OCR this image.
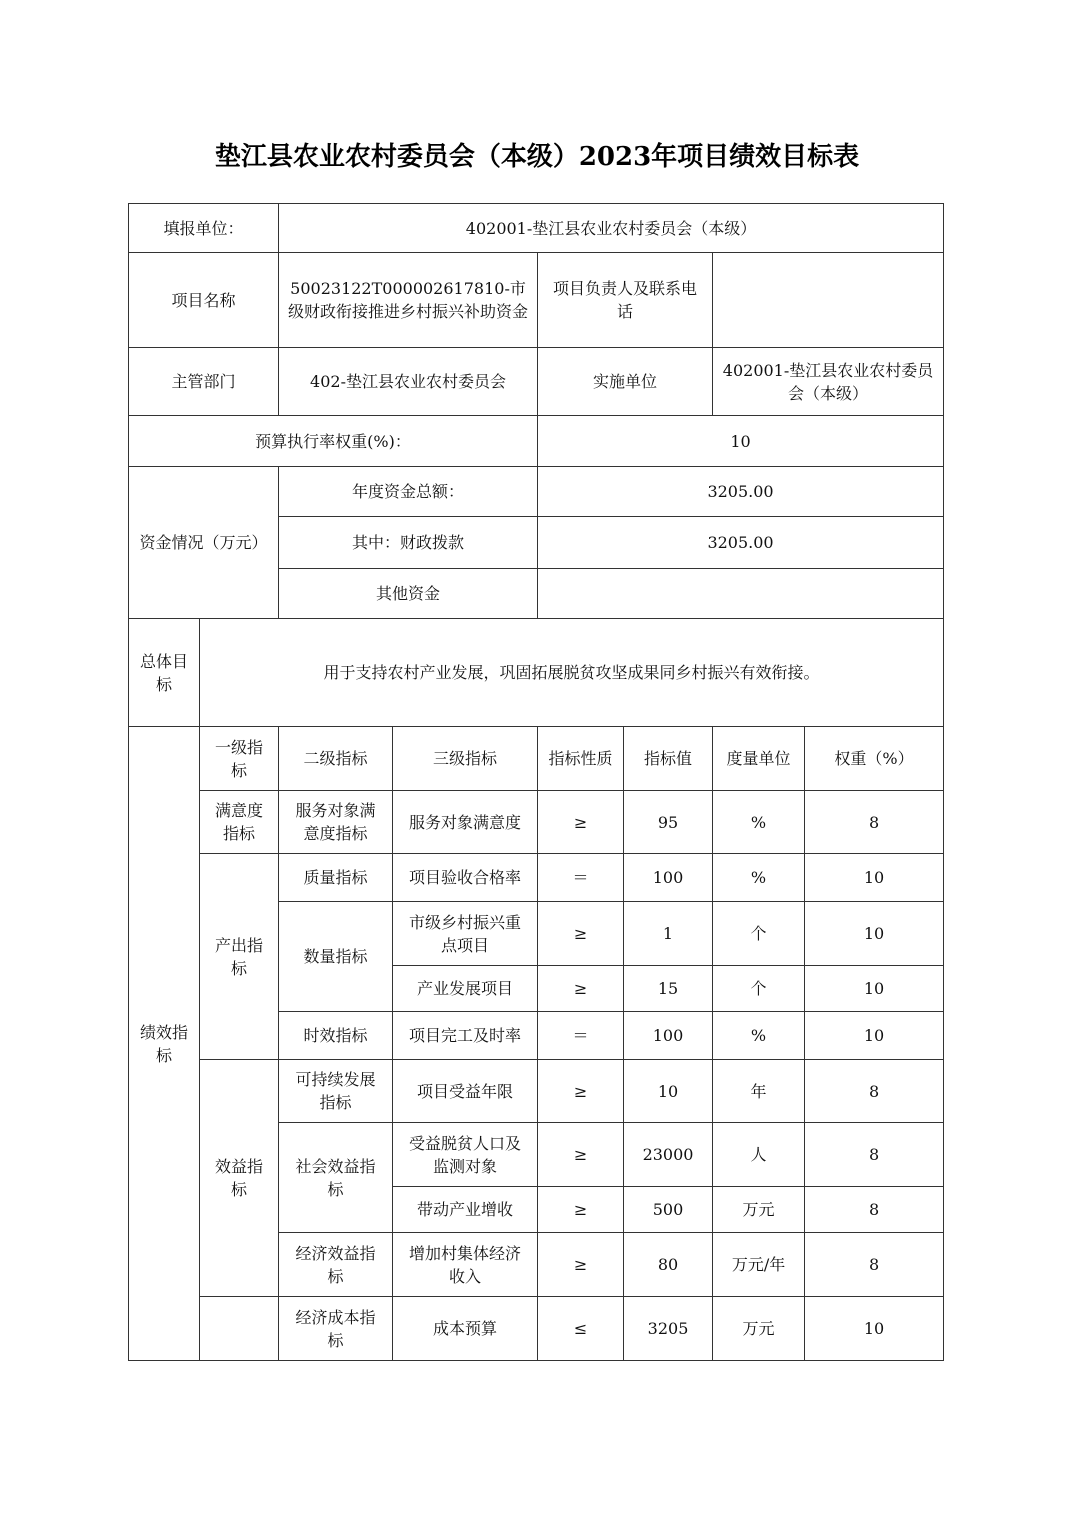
垫江县农业农村委员会（本级）2023年项目绩效目标表
填报单位：		402001-垫江县农业农村委员会（本级）					
项目名称		50023122T000002617810-市级财政衔接推进乡村振兴补助资金		项目负责人及联系电话			
主管部门		402-垫江县农业农村委员会		实施单位		402001-垫江县农业农村委员会（本级）	
预算执行率权重(%)：				10			
资金情况（万元）		年度资金总额：		3205.00			
		其中：财政拨款		3205.00			
		其他资金					
总体目标	用于支持农村产业发展，巩固拓展脱贫攻坚成果同乡村振兴有效衔接。						
绩效指标	一级指标	二级指标	三级指标	指标性质	指标值	度量单位	权重（%）
	满意度指标	服务对象满意度指标	服务对象满意度	≥	95	%	8
	产出指标	质量指标	项目验收合格率	＝	100	%	10
		数量指标	市级乡村振兴重点项目	≥	1	个	10
			产业发展项目	≥	15	个	10
		时效指标	项目完工及时率	＝	100	%	10
	效益指标	可持续发展指标	项目受益年限	≥	10	年	8
		社会效益指标	受益脱贫人口及监测对象	≥	23000	人	8
			带动产业增收	≥	500	万元	8
		经济效益指标	增加村集体经济收入	≥	80	万元/年	8
		经济成本指标	成本预算	≤	3205	万元	10
